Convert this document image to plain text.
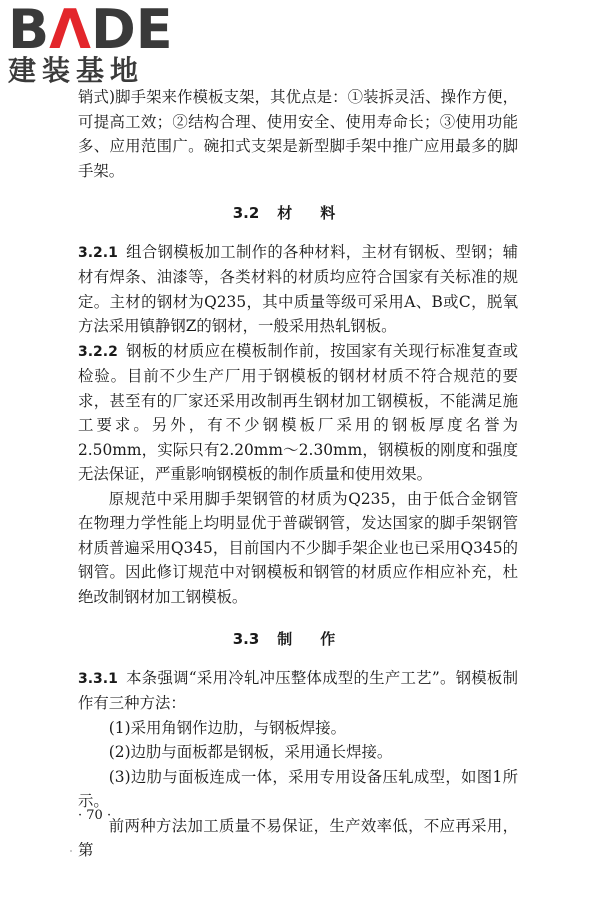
BΛDE
建装基地

销式)脚手架来作模板支架，其优点是：①装拆灵活、操作方便，可提高工效；②结构合理、使用安全、使用寿命长；③使用功能多、应用范围广。碗扣式支架是新型脚手架中推广应用最多的脚手架。

3.2 材料

3.2.1 组合钢模板加工制作的各种材料，主材有钢板、型钢；辅材有焊条、油漆等，各类材料的材质均应符合国家有关标准的规定。主材的钢材为Q235，其中质量等级可采用A、B或C，脱氧方法采用镇静钢Z的钢材，一般采用热轧钢板。

3.2.2 钢板的材质应在模板制作前，按国家有关现行标准复查或检验。目前不少生产厂用于钢模板的钢材材质不符合规范的要求，甚至有的厂家还采用改制再生钢材加工钢模板，不能满足施工要求。另外，有不少钢模板厂采用的钢板厚度名誉为2.50mm，实际只有2.20mm～2.30mm，钢模板的刚度和强度无法保证，严重影响钢模板的制作质量和使用效果。

原规范中采用脚手架钢管的材质为Q235，由于低合金钢管在物理力学性能上均明显优于普碳钢管，发达国家的脚手架钢管材质普遍采用Q345，目前国内不少脚手架企业也已采用Q345的钢管。因此修订规范中对钢模板和钢管的材质应作相应补充，杜绝改制钢材加工钢模板。

3.3 制作

3.3.1 本条强调“采用冷轧冲压整体成型的生产工艺”。钢模板制作有三种方法：

(1)采用角钢作边肋，与钢板焊接。

(2)边肋与面板都是钢板，采用通长焊接。

(3)边肋与面板连成一体，采用专用设备压轧成型，如图1所示。

前两种方法加工质量不易保证，生产效率低，不应再采用，第

· 70 ·
